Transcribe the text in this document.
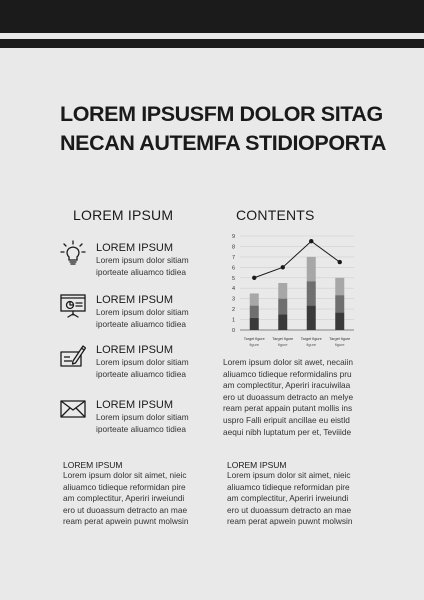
LOREM IPSUSFM DOLOR SITAG
NECAN AUTEMFA STIDIOPORTA
LOREM IPSUM	CONTENTS
LOREM IPSUM
Lorem ipsum dolor sitiam
iporteate aliuamco tidiea
LOREM IPSUM
Lorem ipsum dolor sitiam
iporteate aliuamco tidiea
LOREM IPSUM
Lorem ipsum dolor sitiam
iporteate aliuamco tidiea
LOREM IPSUM
Lorem ipsum dolor sitiam
iporteate aliuamco tidiea
0
1
2
3
4
5
6
7
8
9
Target figure
figure
Target figure
figure
Target figure
figure
Target figure
figure
Lorem ipsum dolor sit awet, necaiin
aliuamco tidieque reformidalins pru
am complectitur, Aperiri iracuiwilaa
ero ut duoassum detracto an melye
ream perat appain putant mollis ins
uspro Falli eripuit ancillae eu eistld
aequi nibh luptatum per et, Teviiide
LOREM IPSUM
Lorem ipsum dolor sit aimet, nieic
aliuamco tidieque reformidan pire
am complectitur, Aperiri irweiundi
ero ut duoassum detracto an mae
ream perat apwein puwnt molwsin
LOREM IPSUM
Lorem ipsum dolor sit aimet, nieic
aliuamco tidieque reformidan pire
am complectitur, Aperiri irweiundi
ero ut duoassum detracto an mae
ream perat apwein puwnt molwsin
